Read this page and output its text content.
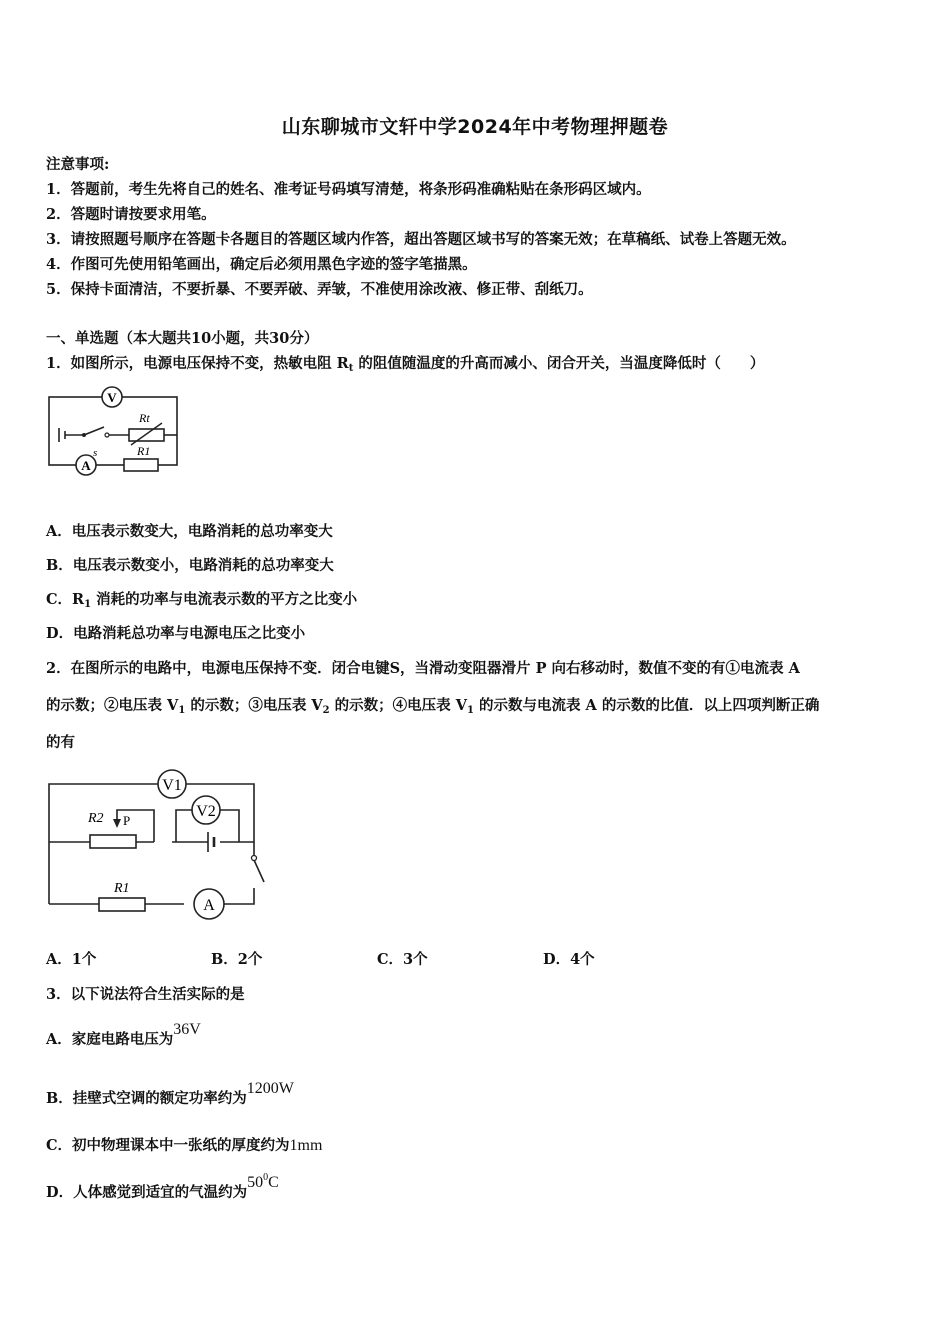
山东聊城市文轩中学2024年中考物理押题卷
注意事项:
1．答题前，考生先将自己的姓名、准考证号码填写清楚，将条形码准确粘贴在条形码区域内。
2．答题时请按要求用笔。
3．请按照题号顺序在答题卡各题目的答题区域内作答，超出答题区域书写的答案无效；在草稿纸、试卷上答题无效。
4．作图可先使用铅笔画出，确定后必须用黑色字迹的签字笔描黑。
5．保持卡面清洁，不要折暴、不要弄破、弄皱，不准使用涂改液、修正带、刮纸刀。
一、单选题（本大题共10小题，共30分）
1．如图所示，电源电压保持不变，热敏电阻 $R_t$ 的阻值随温度的升高而减小、闭合开关，当温度降低时（　　）
V
A
s
Rt
R1
A．电压表示数变大，电路消耗的总功率变大
B．电压表示数变小，电路消耗的总功率变大
C．$R_1$ 消耗的功率与电流表示数的平方之比变小
D．电路消耗总功率与电源电压之比变小
2．在图所示的电路中，电源电压保持不变．闭合电键S，当滑动变阻器滑片 P 向右移动时，数值不变的有①电流表 A
的示数；②电压表 $V_1$ 的示数；③电压表 $V_2$ 的示数；④电压表 $V_1$ 的示数与电流表 A 的示数的比值．以上四项判断正确
的有
V1
V2
A
R2 P
R1
A．1个	B．2个	C．3个	D．4个
3．以下说法符合生活实际的是
A．家庭电路电压为36V
B．挂壁式空调的额定功率约为1200W
C．初中物理课本中一张纸的厚度约为1mm
D．人体感觉到适宜的气温约为$50^0C$
